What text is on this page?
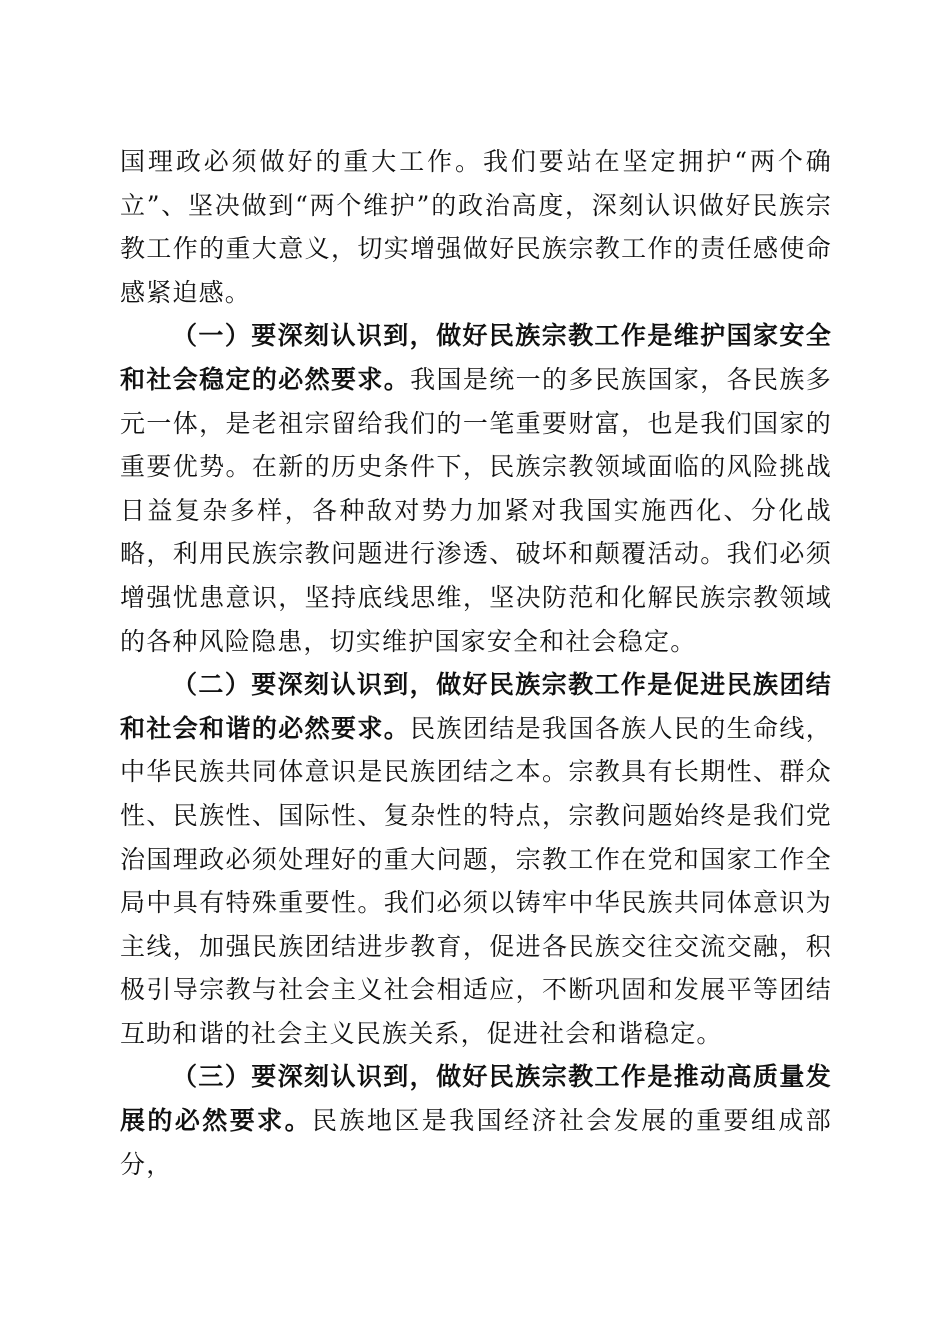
国理政必须做好的重大工作。我们要站在坚定拥护“两个确立”、坚决做到“两个维护”的政治高度，深刻认识做好民族宗教工作的重大意义，切实增强做好民族宗教工作的责任感使命感紧迫感。

（一）要深刻认识到，做好民族宗教工作是维护国家安全和社会稳定的必然要求。我国是统一的多民族国家，各民族多元一体，是老祖宗留给我们的一笔重要财富，也是我们国家的重要优势。在新的历史条件下，民族宗教领域面临的风险挑战日益复杂多样，各种敌对势力加紧对我国实施西化、分化战略，利用民族宗教问题进行渗透、破坏和颠覆活动。我们必须增强忧患意识，坚持底线思维，坚决防范和化解民族宗教领域的各种风险隐患，切实维护国家安全和社会稳定。

（二）要深刻认识到，做好民族宗教工作是促进民族团结和社会和谐的必然要求。民族团结是我国各族人民的生命线，中华民族共同体意识是民族团结之本。宗教具有长期性、群众性、民族性、国际性、复杂性的特点，宗教问题始终是我们党治国理政必须处理好的重大问题，宗教工作在党和国家工作全局中具有特殊重要性。我们必须以铸牢中华民族共同体意识为主线，加强民族团结进步教育，促进各民族交往交流交融，积极引导宗教与社会主义社会相适应，不断巩固和发展平等团结互助和谐的社会主义民族关系，促进社会和谐稳定。

（三）要深刻认识到，做好民族宗教工作是推动高质量发展的必然要求。民族地区是我国经济社会发展的重要组成部分，
